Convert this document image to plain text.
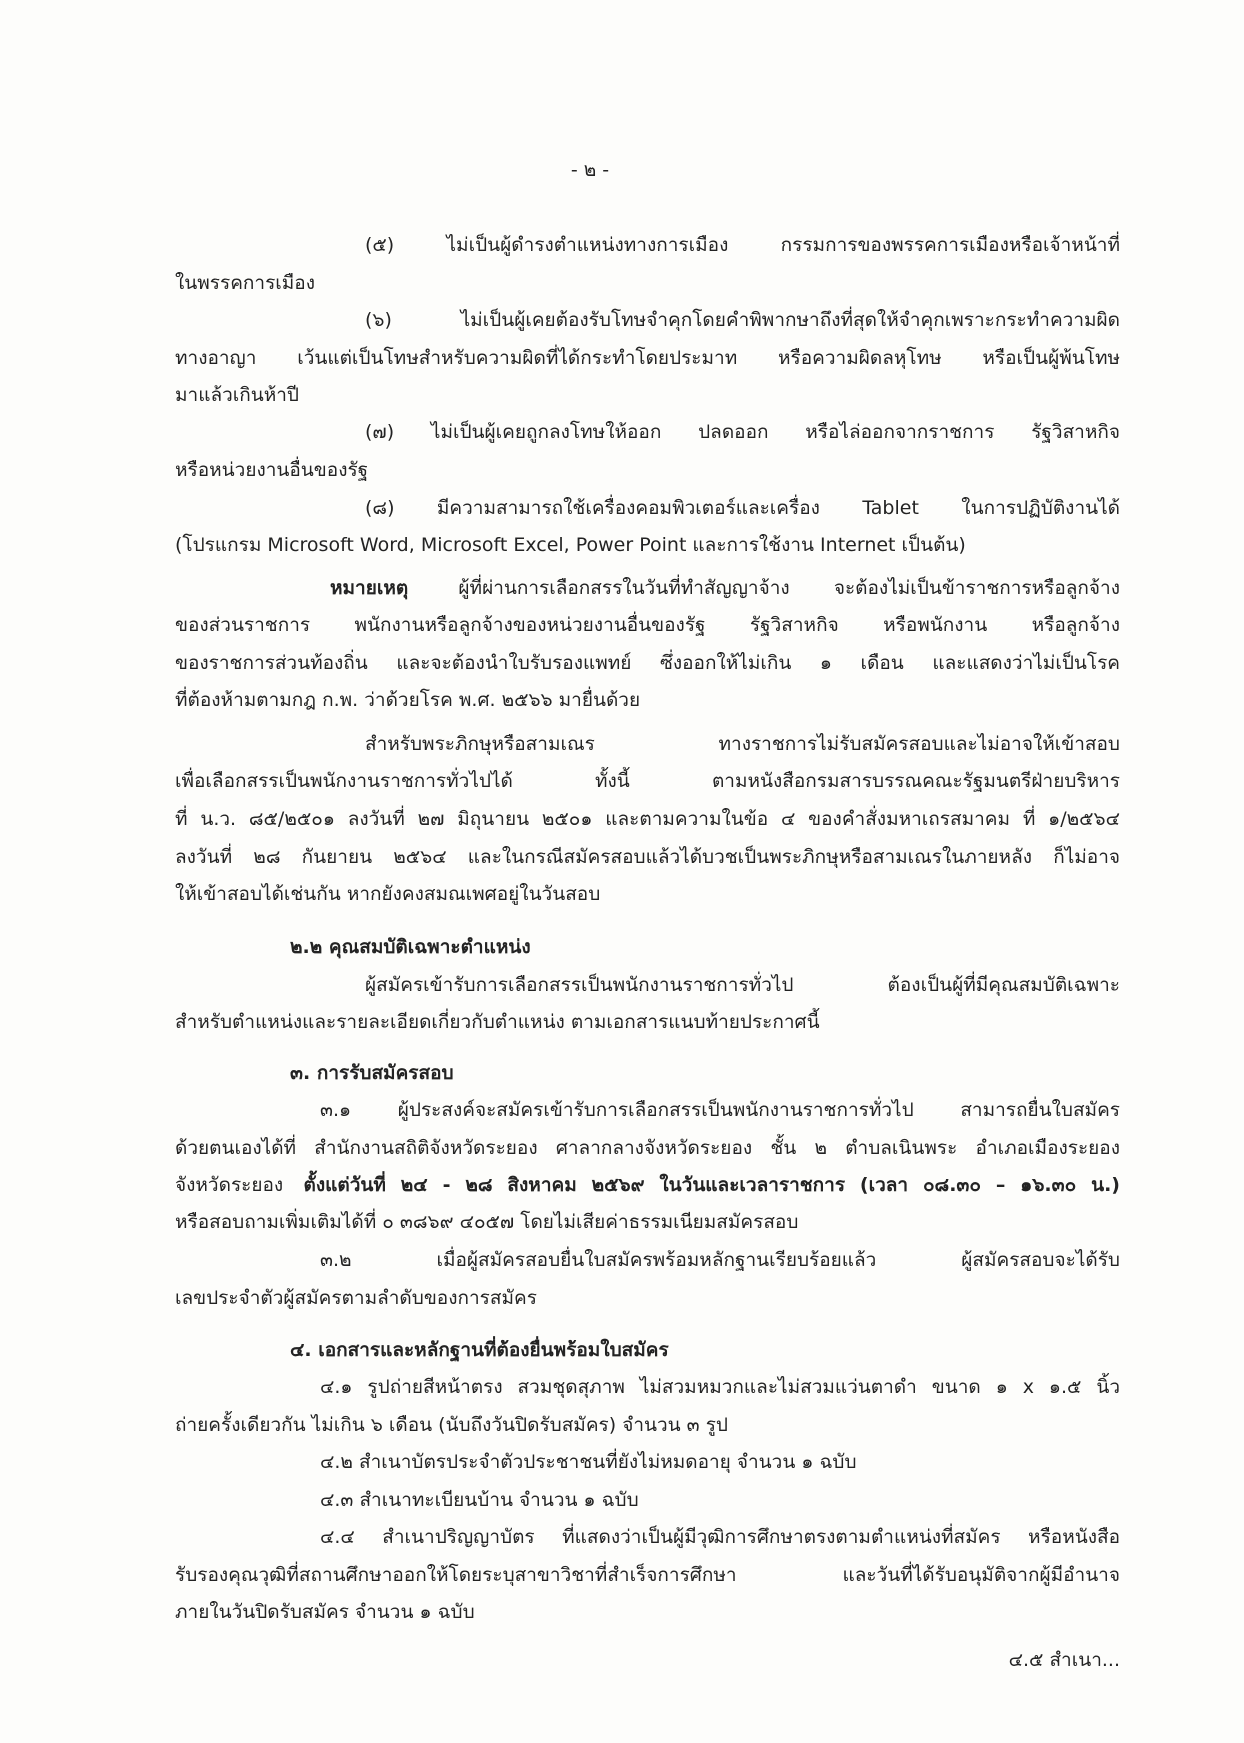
- ๒ -
(๕) ไม่เป็นผู้ดำรงตำแหน่งทางการเมือง กรรมการของพรรคการเมืองหรือเจ้าหน้าที่
ในพรรคการเมือง
(๖) ไม่เป็นผู้เคยต้องรับโทษจำคุกโดยคำพิพากษาถึงที่สุดให้จำคุกเพราะกระทำความผิด
ทางอาญา เว้นแต่เป็นโทษสำหรับความผิดที่ได้กระทำโดยประมาท หรือความผิดลหุโทษ หรือเป็นผู้พ้นโทษ
มาแล้วเกินห้าปี
(๗) ไม่เป็นผู้เคยถูกลงโทษให้ออก ปลดออก หรือไล่ออกจากราชการ รัฐวิสาหกิจ
หรือหน่วยงานอื่นของรัฐ
(๘) มีความสามารถใช้เครื่องคอมพิวเตอร์และเครื่อง Tablet ในการปฏิบัติงานได้
(โปรแกรม Microsoft Word, Microsoft Excel, Power Point และการใช้งาน Internet เป็นต้น)
หมายเหตุ	ผู้ที่ผ่านการเลือกสรรในวันที่ทำสัญญาจ้าง จะต้องไม่เป็นข้าราชการหรือลูกจ้าง
ของส่วนราชการ พนักงานหรือลูกจ้างของหน่วยงานอื่นของรัฐ รัฐวิสาหกิจ หรือพนักงาน หรือลูกจ้าง
ของราชการส่วนท้องถิ่น และจะต้องนำใบรับรองแพทย์ ซึ่งออกให้ไม่เกิน ๑ เดือน และแสดงว่าไม่เป็นโรค
ที่ต้องห้ามตามกฎ ก.พ. ว่าด้วยโรค พ.ศ. ๒๕๖๖ มายื่นด้วย
สำหรับพระภิกษุหรือสามเณร ทางราชการไม่รับสมัครสอบและไม่อาจให้เข้าสอบ
เพื่อเลือกสรรเป็นพนักงานราชการทั่วไปได้ ทั้งนี้ ตามหนังสือกรมสารบรรณคณะรัฐมนตรีฝ่ายบริหาร
ที่ น.ว. ๘๕/๒๕๐๑ ลงวันที่ ๒๗ มิถุนายน ๒๕๐๑ และตามความในข้อ ๔ ของคำสั่งมหาเถรสมาคม ที่ ๑/๒๕๖๔
ลงวันที่ ๒๘ กันยายน ๒๕๖๔ และในกรณีสมัครสอบแล้วได้บวชเป็นพระภิกษุหรือสามเณรในภายหลัง ก็ไม่อาจ
ให้เข้าสอบได้เช่นกัน หากยังคงสมณเพศอยู่ในวันสอบ
๒.๒ คุณสมบัติเฉพาะตำแหน่ง
ผู้สมัครเข้ารับการเลือกสรรเป็นพนักงานราชการทั่วไป ต้องเป็นผู้ที่มีคุณสมบัติเฉพาะ
สำหรับตำแหน่งและรายละเอียดเกี่ยวกับตำแหน่ง ตามเอกสารแนบท้ายประกาศนี้
๓. การรับสมัครสอบ
๓.๑ ผู้ประสงค์จะสมัครเข้ารับการเลือกสรรเป็นพนักงานราชการทั่วไป สามารถยื่นใบสมัคร
ด้วยตนเองได้ที่ สำนักงานสถิติจังหวัดระยอง ศาลากลางจังหวัดระยอง ชั้น ๒ ตำบลเนินพระ อำเภอเมืองระยอง
จังหวัดระยอง ตั้งแต่วันที่ ๒๔ - ๒๘ สิงหาคม ๒๕๖๙ ในวันและเวลาราชการ (เวลา ๐๘.๓๐ – ๑๖.๓๐ น.)
หรือสอบถามเพิ่มเติมได้ที่ ๐ ๓๘๖๙ ๔๐๕๗ โดยไม่เสียค่าธรรมเนียมสมัครสอบ
๓.๒ เมื่อผู้สมัครสอบยื่นใบสมัครพร้อมหลักฐานเรียบร้อยแล้ว ผู้สมัครสอบจะได้รับ
เลขประจำตัวผู้สมัครตามลำดับของการสมัคร
๔. เอกสารและหลักฐานที่ต้องยื่นพร้อมใบสมัคร
๔.๑ รูปถ่ายสีหน้าตรง สวมชุดสุภาพ ไม่สวมหมวกและไม่สวมแว่นตาดำ ขนาด ๑ x ๑.๕ นิ้ว
ถ่ายครั้งเดียวกัน ไม่เกิน ๖ เดือน (นับถึงวันปิดรับสมัคร) จำนวน ๓ รูป
๔.๒ สำเนาบัตรประจำตัวประชาชนที่ยังไม่หมดอายุ จำนวน ๑ ฉบับ
๔.๓ สำเนาทะเบียนบ้าน จำนวน ๑ ฉบับ
๔.๔ สำเนาปริญญาบัตร ที่แสดงว่าเป็นผู้มีวุฒิการศึกษาตรงตามตำแหน่งที่สมัคร หรือหนังสือ
รับรองคุณวุฒิที่สถานศึกษาออกให้โดยระบุสาขาวิชาที่สำเร็จการศึกษา และวันที่ได้รับอนุมัติจากผู้มีอำนาจ
ภายในวันปิดรับสมัคร จำนวน ๑ ฉบับ
๔.๕ สำเนา...
